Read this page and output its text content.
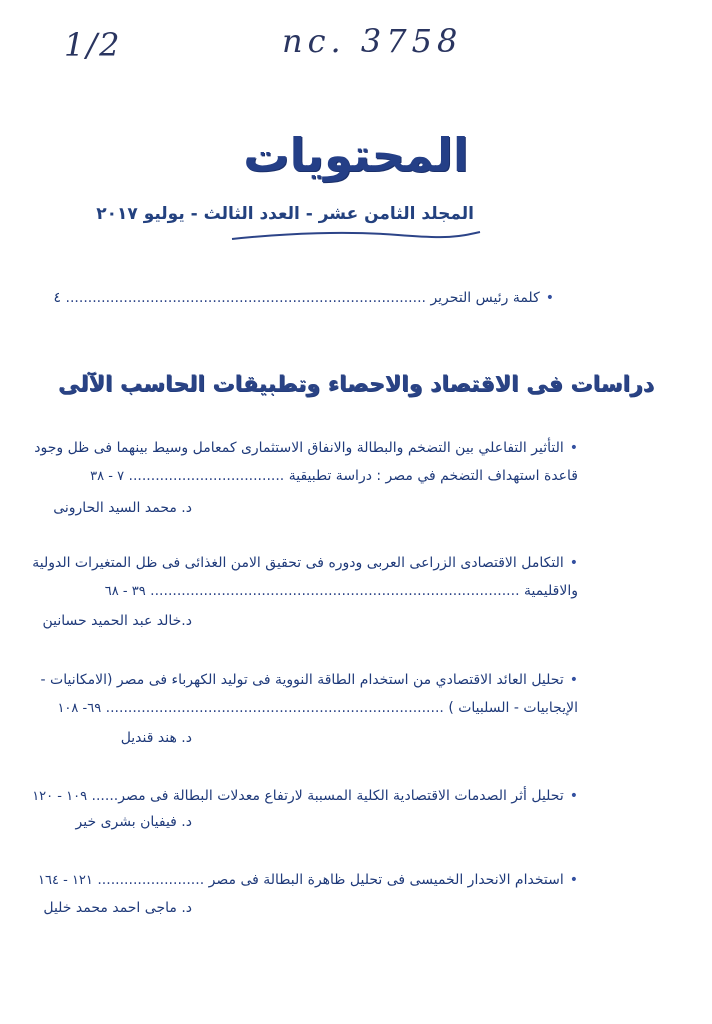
1/2	nc. 3758
المحتويات
المجلد الثامن عشر - العدد الثالث - يوليو ٢٠١٧
•كلمة رئيس التحرير ................................................................................. ٤
دراسات فى الاقتصاد والاحصاء وتطبيقات الحاسب الآلى
•التأثير التفاعلي بين التضخم والبطالة والانفاق الاستثمارى كمعامل وسيط بينهما فى ظل وجود
قاعدة استهداف التضخم في مصر : دراسة تطبيقية ................................... ٧ - ٣٨
د. محمد السيد الحارونى
•التكامل الاقتصادى الزراعى العربى ودوره فى تحقيق الامن الغذائى فى ظل المتغيرات الدولية
والاقليمية ................................................................................... ٣٩ - ٦٨
د.خالد عبد الحميد حسانين
•تحليل العائد الاقتصادي من استخدام الطاقة النووية فى توليد الكهرباء فى مصر (الامكانيات -
الإيجابيات - السلبيات ) ............................................................................ ٦٩- ١٠٨
د. هند قنديل
•تحليل أثر الصدمات الاقتصادية الكلية المسببة لارتفاع معدلات البطالة فى مصر...... ١٠٩ - ١٢٠
د. فيفيان بشرى خير
•استخدام الانحدار الخميسى فى تحليل ظاهرة البطالة فى مصر ........................ ١٢١ - ١٦٤
د. ماجى احمد محمد خليل
